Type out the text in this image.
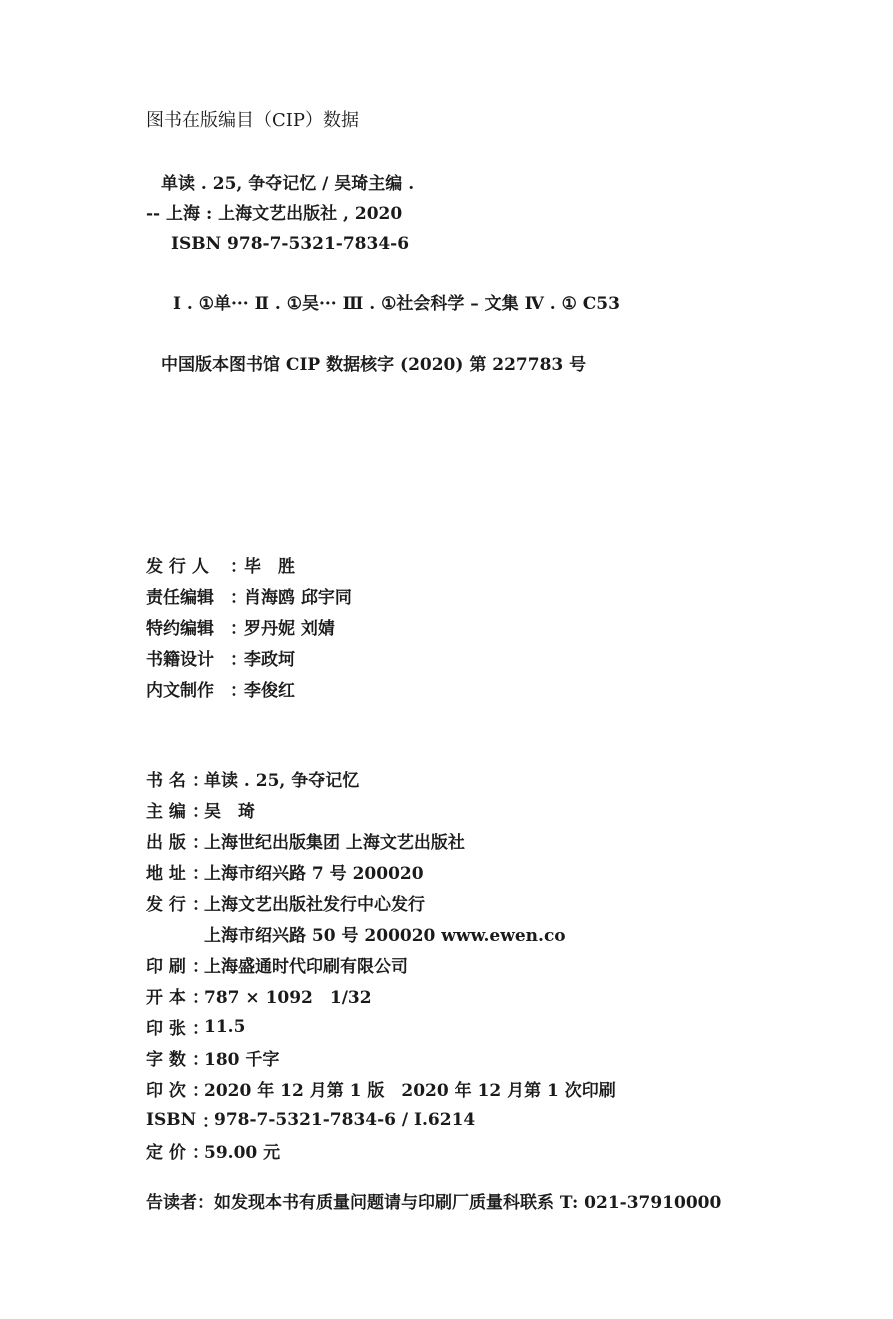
图书在版编目（CIP）数据
单读 . 25, 争夺记忆 / 吴琦主编 .
-- 上海 : 上海文艺出版社 , 2020
ISBN 978-7-5321-7834-6
Ⅰ . ①单··· Ⅱ . ①吴··· Ⅲ . ①社会科学 – 文集 Ⅳ . ① C53
中国版本图书馆 CIP 数据核字 (2020) 第 227783 号
发 行 人	：
毕　胜
责任编辑 ：
肖海鸥 邱宇同
特约编辑 ：
罗丹妮 刘婧
书籍设计 ：
李政坷
内文制作 ：
李俊红
书 名 ：
单读 . 25, 争夺记忆
主 编 ：
吴　琦
出 版 ：
上海世纪出版集团 上海文艺出版社
地 址 ：
上海市绍兴路 7 号 200020
发 行 ：
上海文艺出版社发行中心发行
上海市绍兴路 50 号 200020 www.ewen.co
印 刷 ：
上海盛通时代印刷有限公司
开 本 ：
787 × 1092　1/32
印 张 ：
11.5
字 数 ：
180 千字
印 次 ：
2020 年 12 月第 1 版　2020 年 12 月第 1 次印刷
ISBN ：
978-7-5321-7834-6 / I.6214
定 价 ：
59.00 元
告读者：如发现本书有质量问题请与印刷厂质量科联系 T: 021-37910000
